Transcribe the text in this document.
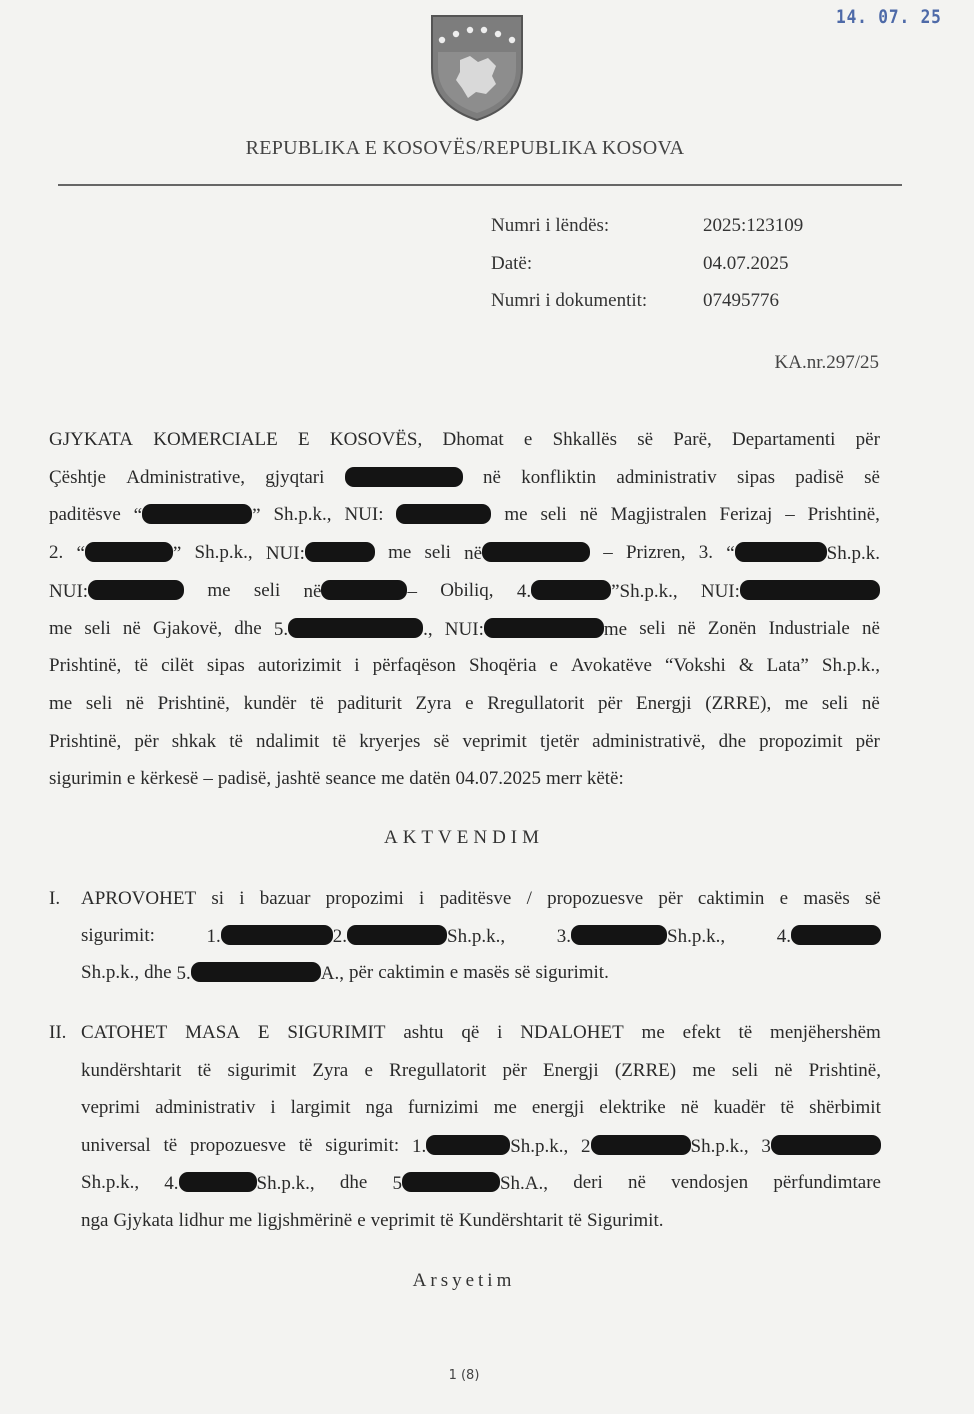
14. 07. 25
REPUBLIKA E KOSOVËS/REPUBLIKA KOSOVA
Numri i lëndës:	2025:123109
Datë:	04.07.2025
Numri i dokumentit:	07495776
KA.nr.297/25
GJYKATA KOMERCIALE E KOSOVËS, Dhomat e Shkallës së Parë, Departamenti për
Çështje Administrative, gjyqtari	në konfliktin administrativ sipas padisë së
paditësve “	” Sh.p.k., NUI:	me seli në Magjistralen Ferizaj – Prishtinë,
2. “	” Sh.p.k., NUI:	me seli në	– Prizren, 3. “	Sh.p.k.
NUI:	me seli në	– Obiliq, 4.	”Sh.p.k., NUI:
me seli në Gjakovë, dhe 5.	., NUI:	me seli në Zonën Industriale në
Prishtinë, të cilët sipas autorizimit i përfaqëson Shoqëria e Avokatëve “Vokshi & Lata” Sh.p.k.,
me seli në Prishtinë, kundër të paditurit Zyra e Rregullatorit për Energji (ZRRE), me seli në
Prishtinë, për shkak të ndalimit të kryerjes së veprimit tjetër administrativë, dhe propozimit për
sigurimin e kërkesë – padisë, jashtë seance me datën 04.07.2025 merr këtë:
AKTVENDIM
I. APROVOHET si i bazuar propozimi i paditësve / propozuesve për caktimin e masës së
sigurimit:	1.	2.	Sh.p.k.,	3.	Sh.p.k.,	4.
Sh.p.k., dhe 5.	A., për caktimin e masës së sigurimit.
II. CATOHET MASA E SIGURIMIT ashtu që i NDALOHET me efekt të menjëhershëm
kundërshtarit të sigurimit Zyra e Rregullatorit për Energji (ZRRE) me seli në Prishtinë,
veprimi administrativ i largimit nga furnizimi me energji elektrike në kuadër të shërbimit
universal të propozuesve të sigurimit: 1.	Sh.p.k., 2	Sh.p.k., 3
Sh.p.k., 4.	Sh.p.k., dhe 5	Sh.A., deri në vendosjen përfundimtare
nga Gjykata lidhur me ligjshmërinë e veprimit të Kundërshtarit të Sigurimit.
Arsyetim
1 (8)
